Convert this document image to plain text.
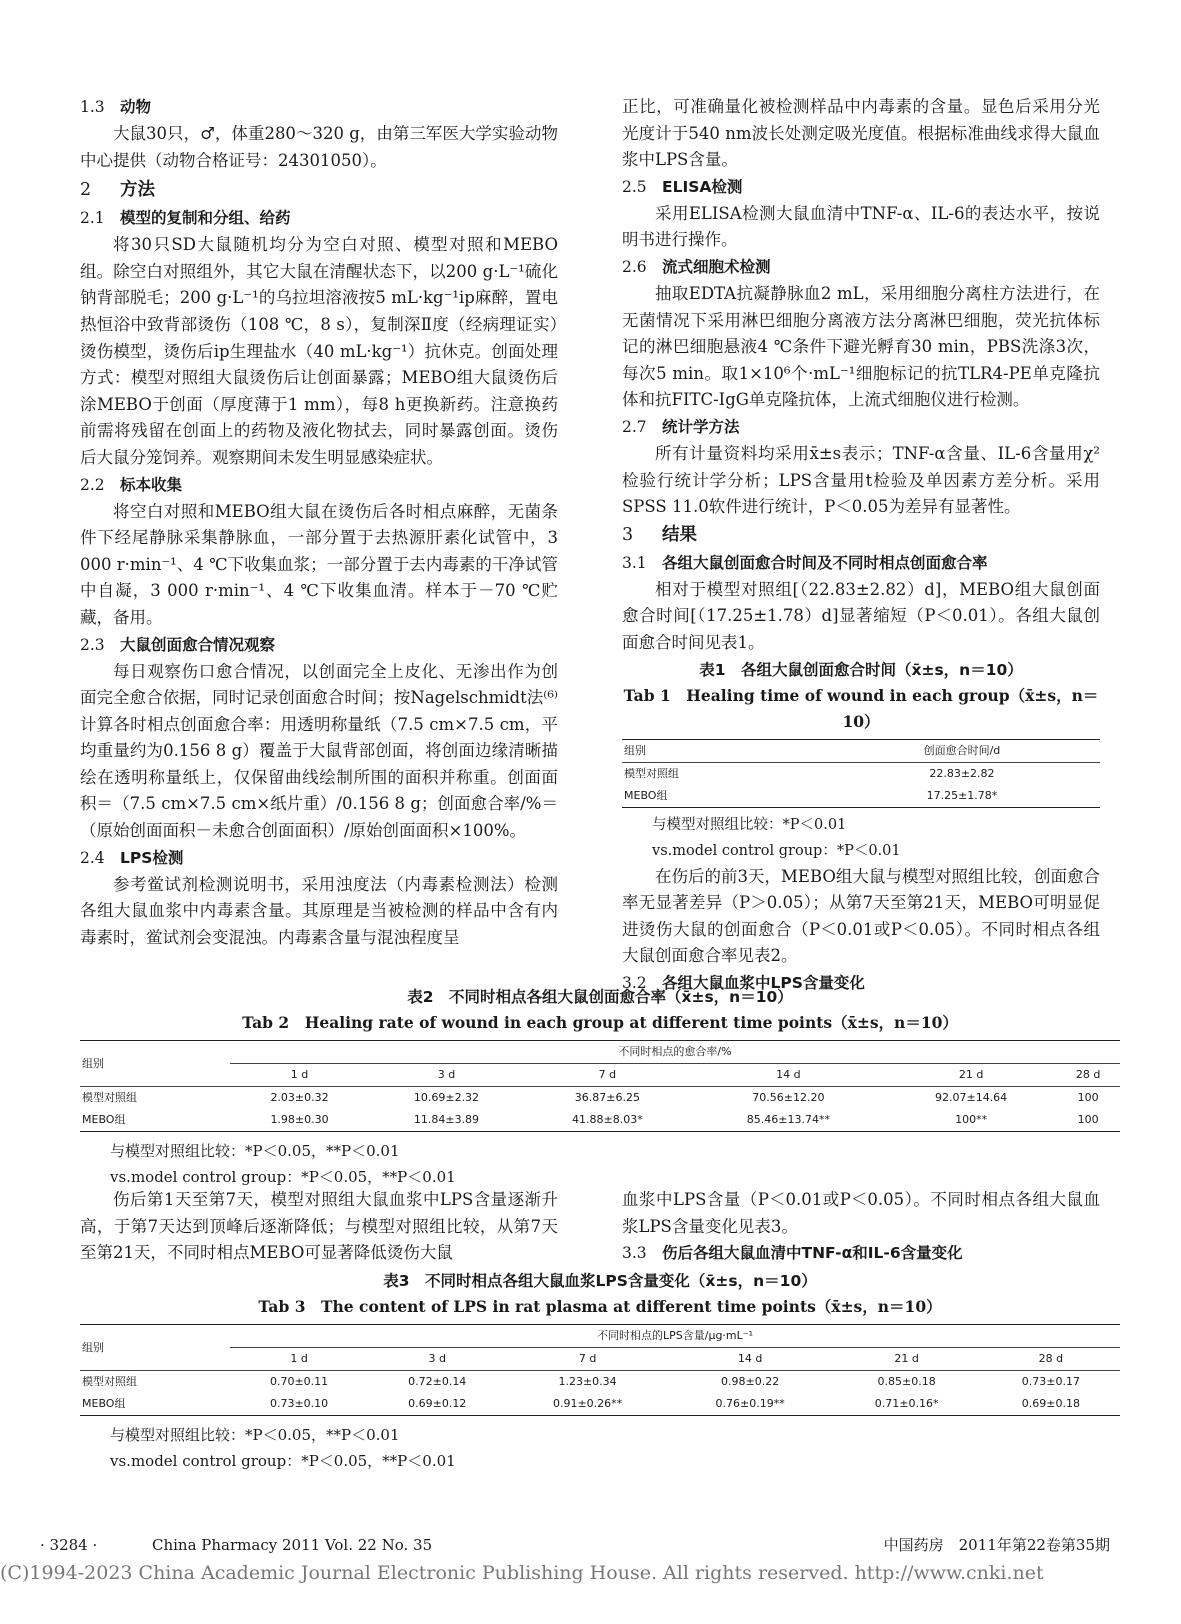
1.3 动物

大鼠30只，♂，体重280～320 g，由第三军医大学实验动物中心提供（动物合格证号：24301050）。

2 方法
2.1 模型的复制和分组、给药

将30只SD大鼠随机均分为空白对照、模型对照和MEBO组。除空白对照组外，其它大鼠在清醒状态下，以200 g·L⁻¹硫化钠背部脱毛；200 g·L⁻¹的乌拉坦溶液按5 mL·kg⁻¹ip麻醉，置电热恒浴中致背部烫伤（108 ℃，8 s），复制深Ⅱ度（经病理证实）烫伤模型，烫伤后ip生理盐水（40 mL·kg⁻¹）抗休克。创面处理方式：模型对照组大鼠烫伤后让创面暴露；MEBO组大鼠烫伤后涂MEBO于创面（厚度薄于1 mm），每8 h更换新药。注意换药前需将残留在创面上的药物及液化物拭去，同时暴露创面。烫伤后大鼠分笼饲养。观察期间未发生明显感染症状。

2.2 标本收集

将空白对照和MEBO组大鼠在烫伤后各时相点麻醉，无菌条件下经尾静脉采集静脉血，一部分置于去热源肝素化试管中，3 000 r·min⁻¹、4 ℃下收集血浆；一部分置于去内毒素的干净试管中自凝，3 000 r·min⁻¹、4 ℃下收集血清。样本于－70 ℃贮藏，备用。

2.3 大鼠创面愈合情况观察

每日观察伤口愈合情况，以创面完全上皮化、无渗出作为创面完全愈合依据，同时记录创面愈合时间；按Nagelschmidt法⁽⁶⁾计算各时相点创面愈合率：用透明称量纸（7.5 cm×7.5 cm，平均重量约为0.156 8 g）覆盖于大鼠背部创面，将创面边缘清晰描绘在透明称量纸上，仅保留曲线绘制所围的面积并称重。创面面积＝（7.5 cm×7.5 cm×纸片重）/0.156 8 g；创面愈合率/%＝（原始创面面积－未愈合创面面积）/原始创面面积×100%。

2.4 LPS检测

参考鲎试剂检测说明书，采用浊度法（内毒素检测法）检测各组大鼠血浆中内毒素含量。其原理是当被检测的样品中含有内毒素时，鲎试剂会变混浊。内毒素含量与混浊程度呈

正比，可准确量化被检测样品中内毒素的含量。显色后采用分光光度计于540 nm波长处测定吸光度值。根据标准曲线求得大鼠血浆中LPS含量。

2.5 ELISA检测

采用ELISA检测大鼠血清中TNF-α、IL-6的表达水平，按说明书进行操作。

2.6 流式细胞术检测

抽取EDTA抗凝静脉血2 mL，采用细胞分离柱方法进行，在无菌情况下采用淋巴细胞分离液方法分离淋巴细胞，荧光抗体标记的淋巴细胞悬液4 ℃条件下避光孵育30 min，PBS洗涤3次，每次5 min。取1×10⁶个·mL⁻¹细胞标记的抗TLR4-PE单克隆抗体和抗FITC-IgG单克隆抗体，上流式细胞仪进行检测。

2.7 统计学方法

所有计量资料均采用x̄±s表示；TNF-α含量、IL-6含量用χ²检验行统计学分析；LPS含量用t检验及单因素方差分析。采用SPSS 11.0软件进行统计，P＜0.05为差异有显著性。

3 结果
3.1 各组大鼠创面愈合时间及不同时相点创面愈合率

相对于模型对照组[（22.83±2.82）d]，MEBO组大鼠创面愈合时间[（17.25±1.78）d]显著缩短（P＜0.01）。各组大鼠创面愈合时间见表1。

表1　各组大鼠创面愈合时间（x̄±s，n＝10）
Tab 1　Healing time of wound in each group（x̄±s，n＝10）
组别	创面愈合时间/d
模型对照组	22.83±2.82
MEBO组	17.25±1.78*
与模型对照组比较：*P＜0.01
vs.model control group：*P＜0.01

在伤后的前3天，MEBO组大鼠与模型对照组比较，创面愈合率无显著差异（P＞0.05）；从第7天至第21天，MEBO可明显促进烫伤大鼠的创面愈合（P＜0.01或P＜0.05）。不同时相点各组大鼠创面愈合率见表2。

3.2 各组大鼠血浆中LPS含量变化
表2　不同时相点各组大鼠创面愈合率（x̄±s，n＝10）
Tab 2　Healing rate of wound in each group at different time points（x̄±s，n＝10）
组别	不同时相点的愈合率/%					
	1 d	3 d	7 d	14 d	21 d	28 d
模型对照组	2.03±0.32	10.69±2.32	36.87±6.25	70.56±12.20	92.07±14.64	100
MEBO组	1.98±0.30	11.84±3.89	41.88±8.03*	85.46±13.74**	100**	100
与模型对照组比较：*P＜0.05，**P＜0.01
vs.model control group：*P＜0.05，**P＜0.01

伤后第1天至第7天，模型对照组大鼠血浆中LPS含量逐渐升高，于第7天达到顶峰后逐渐降低；与模型对照组比较，从第7天至第21天，不同时相点MEBO可显著降低烫伤大鼠

血浆中LPS含量（P＜0.01或P＜0.05）。不同时相点各组大鼠血浆LPS含量变化见表3。

3.3 伤后各组大鼠血清中TNF-α和IL-6含量变化
表3　不同时相点各组大鼠血浆LPS含量变化（x̄±s，n＝10）
Tab 3　The content of LPS in rat plasma at different time points（x̄±s，n＝10）
组别	不同时相点的LPS含量/μg·mL⁻¹					
	1 d	3 d	7 d	14 d	21 d	28 d
模型对照组	0.70±0.11	0.72±0.14	1.23±0.34	0.98±0.22	0.85±0.18	0.73±0.17
MEBO组	0.73±0.10	0.69±0.12	0.91±0.26**	0.76±0.19**	0.71±0.16*	0.69±0.18
与模型对照组比较：*P＜0.05，**P＜0.01
vs.model control group：*P＜0.05，**P＜0.01
· 3284 ·	China Pharmacy 2011 Vol. 22 No. 35	中国药房　2011年第22卷第35期
(C)1994-2023 China Academic Journal Electronic Publishing House. All rights reserved. http://www.cnki.net
